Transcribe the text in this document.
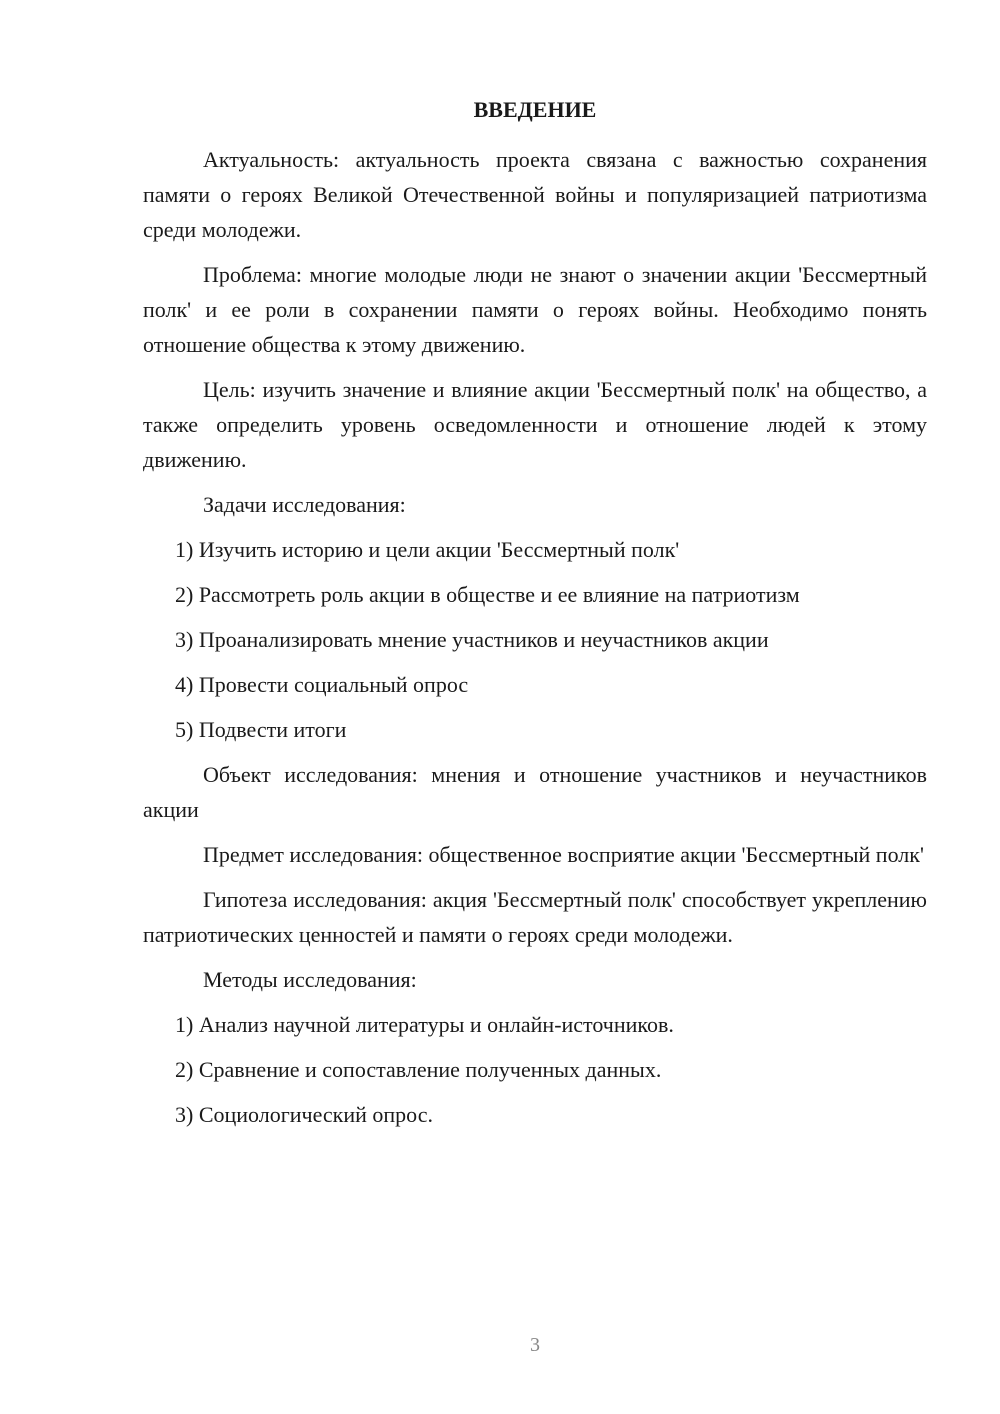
ВВЕДЕНИЕ

Актуальность: актуальность проекта связана с важностью сохранения памяти о героях Великой Отечественной войны и популяризацией патриотизма среди молодежи.

Проблема: многие молодые люди не знают о значении акции 'Бессмертный полк' и ее роли в сохранении памяти о героях войны. Необходимо понять отношение общества к этому движению.

Цель: изучить значение и влияние акции 'Бессмертный полк' на общество, а также определить уровень осведомленности и отношение людей к этому движению.

Задачи исследования:

1) Изучить историю и цели акции 'Бессмертный полк'
2) Рассмотреть роль акции в обществе и ее влияние на патриотизм
3) Проанализировать мнение участников и неучастников акции
4) Провести социальный опрос
5) Подвести итоги

Объект исследования: мнения и отношение участников и неучастников акции

Предмет исследования: общественное восприятие акции 'Бессмертный полк'

Гипотеза исследования: акция 'Бессмертный полк' способствует укреплению патриотических ценностей и памяти о героях среди молодежи.

Методы исследования:

1) Анализ научной литературы и онлайн-источников.
2) Сравнение и сопоставление полученных данных.
3) Социологический опрос.
3
